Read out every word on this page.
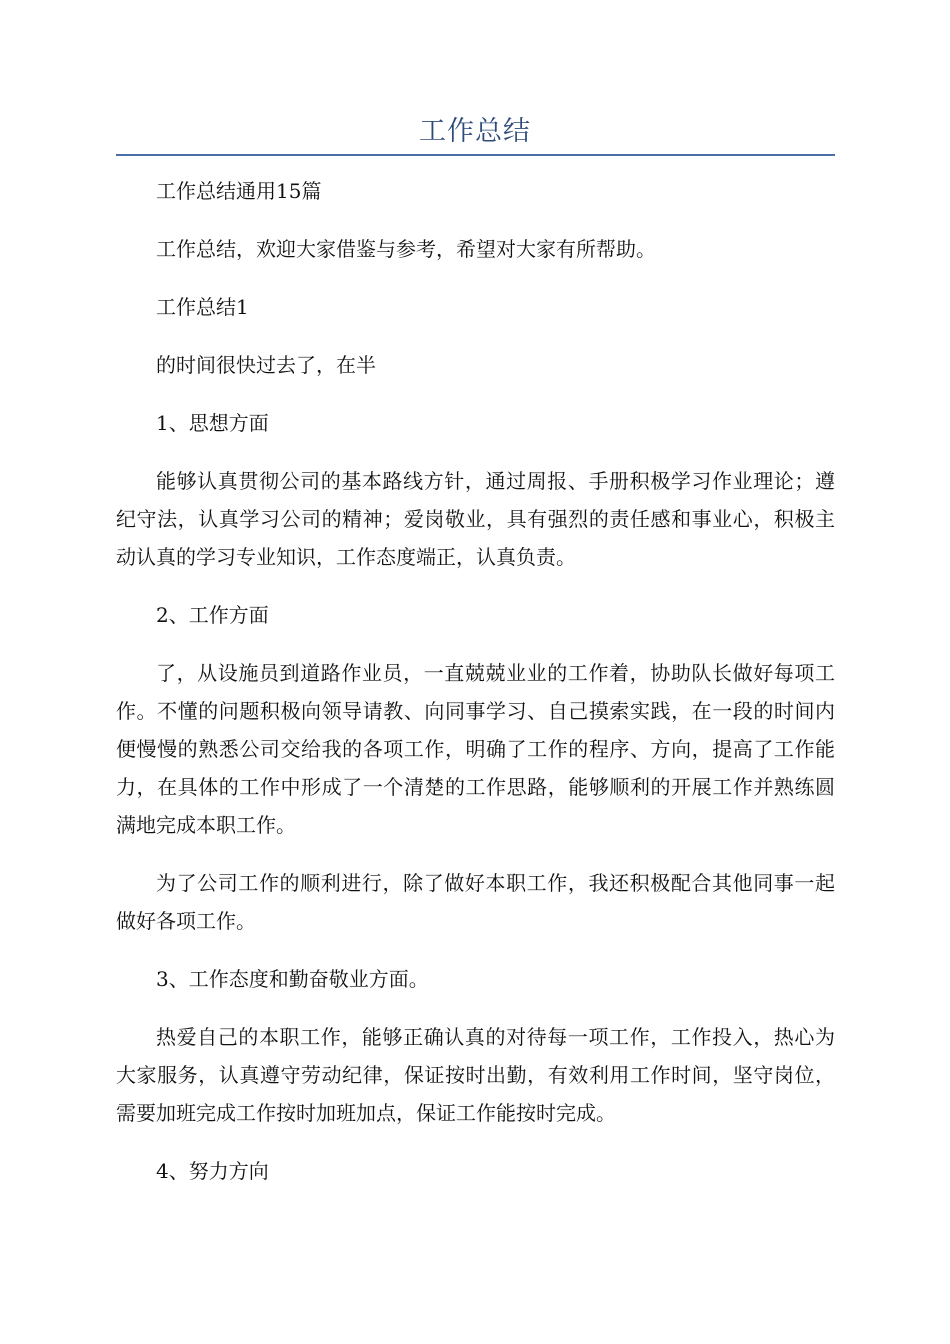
工作总结

工作总结通用15篇

工作总结，欢迎大家借鉴与参考，希望对大家有所帮助。

工作总结1

的时间很快过去了，在半

1、思想方面

能够认真贯彻公司的基本路线方针，通过周报、手册积极学习作业理论；遵纪守法，认真学习公司的精神；爱岗敬业，具有强烈的责任感和事业心，积极主动认真的学习专业知识，工作态度端正，认真负责。

2、工作方面

了，从设施员到道路作业员，一直兢兢业业的工作着，协助队长做好每项工作。不懂的问题积极向领导请教、向同事学习、自己摸索实践，在一段的时间内便慢慢的熟悉公司交给我的各项工作，明确了工作的程序、方向，提高了工作能力，在具体的工作中形成了一个清楚的工作思路，能够顺利的开展工作并熟练圆满地完成本职工作。

为了公司工作的顺利进行，除了做好本职工作，我还积极配合其他同事一起做好各项工作。

3、工作态度和勤奋敬业方面。

热爱自己的本职工作，能够正确认真的对待每一项工作，工作投入，热心为大家服务，认真遵守劳动纪律，保证按时出勤，有效利用工作时间，坚守岗位，需要加班完成工作按时加班加点，保证工作能按时完成。

4、努力方向
